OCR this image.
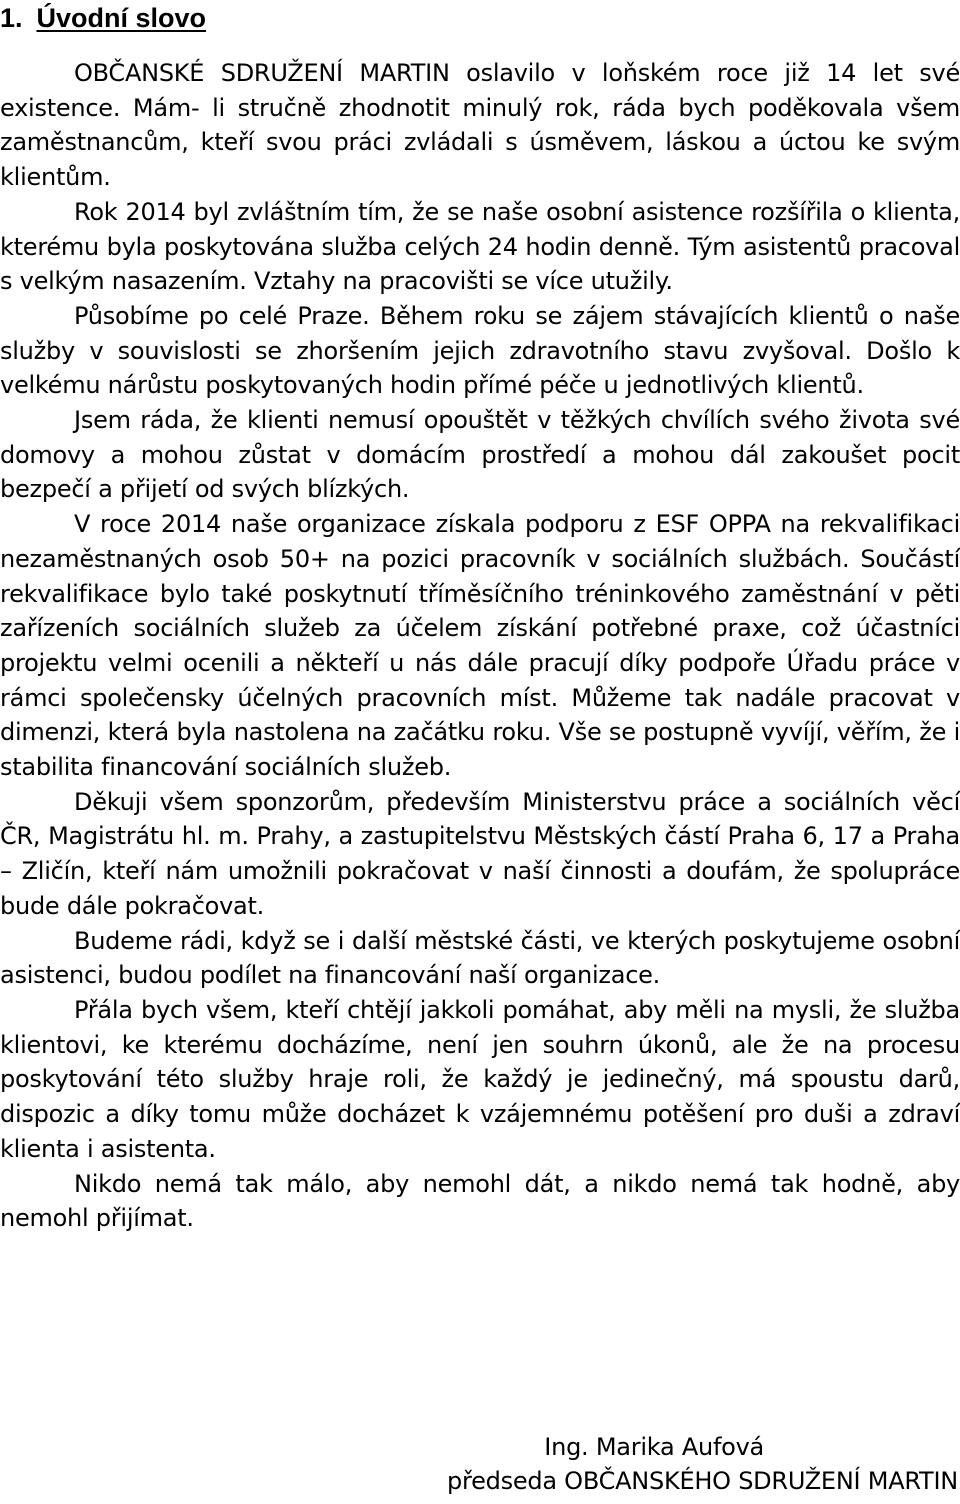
1. Úvodní slovo

OBČANSKÉ SDRUŽENÍ MARTIN oslavilo v loňském roce již 14 let své existence. Mám- li stručně zhodnotit minulý rok, ráda bych poděkovala všem zaměstnancům, kteří svou práci zvládali s úsměvem, láskou a úctou ke svým klientům.

Rok 2014 byl zvláštním tím, že se naše osobní asistence rozšířila o klienta, kterému byla poskytována služba celých 24 hodin denně. Tým asistentů pracoval s velkým nasazením. Vztahy na pracovišti se více utužily.

Působíme po celé Praze. Během roku se zájem stávajících klientů o naše služby v souvislosti se zhoršením jejich zdravotního stavu zvyšoval. Došlo k velkému nárůstu poskytovaných hodin přímé péče u jednotlivých klientů.

Jsem ráda, že klienti nemusí opouštět v těžkých chvílích svého života své domovy a mohou zůstat v domácím prostředí a mohou dál zakoušet pocit bezpečí a přijetí od svých blízkých.

V roce 2014 naše organizace získala podporu z ESF OPPA na rekvalifikaci nezaměstnaných osob 50+ na pozici pracovník v sociálních službách. Součástí rekvalifikace bylo také poskytnutí tříměsíčního tréninkového zaměstnání v pěti zařízeních sociálních služeb za účelem získání potřebné praxe, což účastníci projektu velmi ocenili a někteří u nás dále pracují díky podpoře Úřadu práce v rámci společensky účelných pracovních míst. Můžeme tak nadále pracovat v dimenzi, která byla nastolena na začátku roku. Vše se postupně vyvíjí, věřím, že i stabilita financování sociálních služeb.

Děkuji všem sponzorům, především Ministerstvu práce a sociálních věcí ČR, Magistrátu hl. m. Prahy, a zastupitelstvu Městských částí Praha 6, 17 a Praha – Zličín, kteří nám umožnili pokračovat v naší činnosti a doufám, že spolupráce bude dále pokračovat.

Budeme rádi, když se i další městské části, ve kterých poskytujeme osobní asistenci, budou podílet na financování naší organizace.

Přála bych všem, kteří chtějí jakkoli pomáhat, aby měli na mysli, že služba klientovi, ke kterému docházíme, není jen souhrn úkonů, ale že na procesu poskytování této služby hraje roli, že každý je jedinečný, má spoustu darů, dispozic a díky tomu může docházet k vzájemnému potěšení pro duši a zdraví klienta i asistenta.

Nikdo nemá tak málo, aby nemohl dát, a nikdo nemá tak hodně, aby nemohl přijímat.

Ing. Marika Aufová
předseda OBČANSKÉHO SDRUŽENÍ MARTIN
